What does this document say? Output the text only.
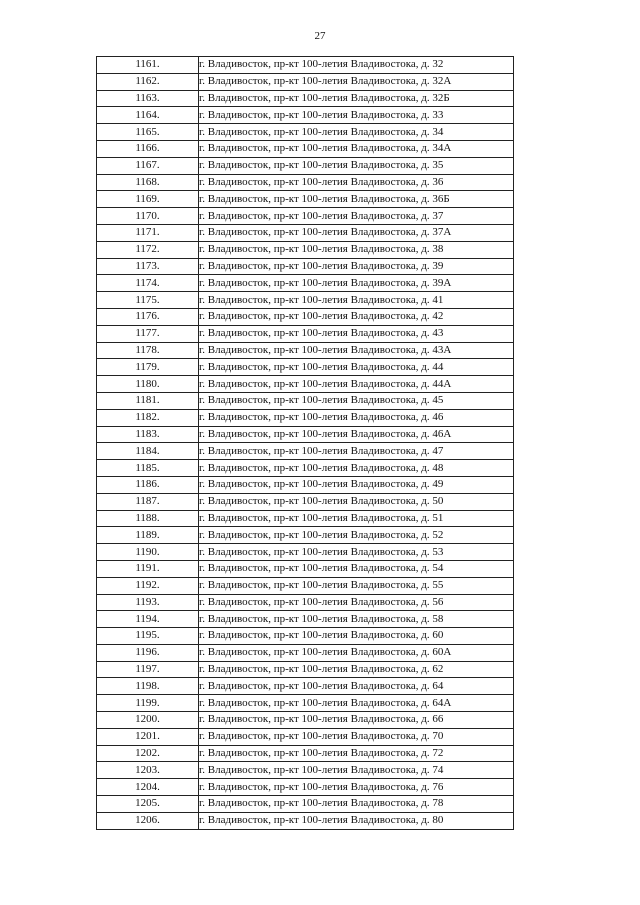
27
1161.	г. Владивосток, пр-кт 100-летия Владивостока, д. 32
1162.	г. Владивосток, пр-кт 100-летия Владивостока, д. 32А
1163.	г. Владивосток, пр-кт 100-летия Владивостока, д. 32Б
1164.	г. Владивосток, пр-кт 100-летия Владивостока, д. 33
1165.	г. Владивосток, пр-кт 100-летия Владивостока, д. 34
1166.	г. Владивосток, пр-кт 100-летия Владивостока, д. 34А
1167.	г. Владивосток, пр-кт 100-летия Владивостока, д. 35
1168.	г. Владивосток, пр-кт 100-летия Владивостока, д. 36
1169.	г. Владивосток, пр-кт 100-летия Владивостока, д. 36Б
1170.	г. Владивосток, пр-кт 100-летия Владивостока, д. 37
1171.	г. Владивосток, пр-кт 100-летия Владивостока, д. 37А
1172.	г. Владивосток, пр-кт 100-летия Владивостока, д. 38
1173.	г. Владивосток, пр-кт 100-летия Владивостока, д. 39
1174.	г. Владивосток, пр-кт 100-летия Владивостока, д. 39А
1175.	г. Владивосток, пр-кт 100-летия Владивостока, д. 41
1176.	г. Владивосток, пр-кт 100-летия Владивостока, д. 42
1177.	г. Владивосток, пр-кт 100-летия Владивостока, д. 43
1178.	г. Владивосток, пр-кт 100-летия Владивостока, д. 43А
1179.	г. Владивосток, пр-кт 100-летия Владивостока, д. 44
1180.	г. Владивосток, пр-кт 100-летия Владивостока, д. 44А
1181.	г. Владивосток, пр-кт 100-летия Владивостока, д. 45
1182.	г. Владивосток, пр-кт 100-летия Владивостока, д. 46
1183.	г. Владивосток, пр-кт 100-летия Владивостока, д. 46А
1184.	г. Владивосток, пр-кт 100-летия Владивостока, д. 47
1185.	г. Владивосток, пр-кт 100-летия Владивостока, д. 48
1186.	г. Владивосток, пр-кт 100-летия Владивостока, д. 49
1187.	г. Владивосток, пр-кт 100-летия Владивостока, д. 50
1188.	г. Владивосток, пр-кт 100-летия Владивостока, д. 51
1189.	г. Владивосток, пр-кт 100-летия Владивостока, д. 52
1190.	г. Владивосток, пр-кт 100-летия Владивостока, д. 53
1191.	г. Владивосток, пр-кт 100-летия Владивостока, д. 54
1192.	г. Владивосток, пр-кт 100-летия Владивостока, д. 55
1193.	г. Владивосток, пр-кт 100-летия Владивостока, д. 56
1194.	г. Владивосток, пр-кт 100-летия Владивостока, д. 58
1195.	г. Владивосток, пр-кт 100-летия Владивостока, д. 60
1196.	г. Владивосток, пр-кт 100-летия Владивостока, д. 60А
1197.	г. Владивосток, пр-кт 100-летия Владивостока, д. 62
1198.	г. Владивосток, пр-кт 100-летия Владивостока, д. 64
1199.	г. Владивосток, пр-кт 100-летия Владивостока, д. 64А
1200.	г. Владивосток, пр-кт 100-летия Владивостока, д. 66
1201.	г. Владивосток, пр-кт 100-летия Владивостока, д. 70
1202.	г. Владивосток, пр-кт 100-летия Владивостока, д. 72
1203.	г. Владивосток, пр-кт 100-летия Владивостока, д. 74
1204.	г. Владивосток, пр-кт 100-летия Владивостока, д. 76
1205.	г. Владивосток, пр-кт 100-летия Владивостока, д. 78
1206.	г. Владивосток, пр-кт 100-летия Владивостока, д. 80
